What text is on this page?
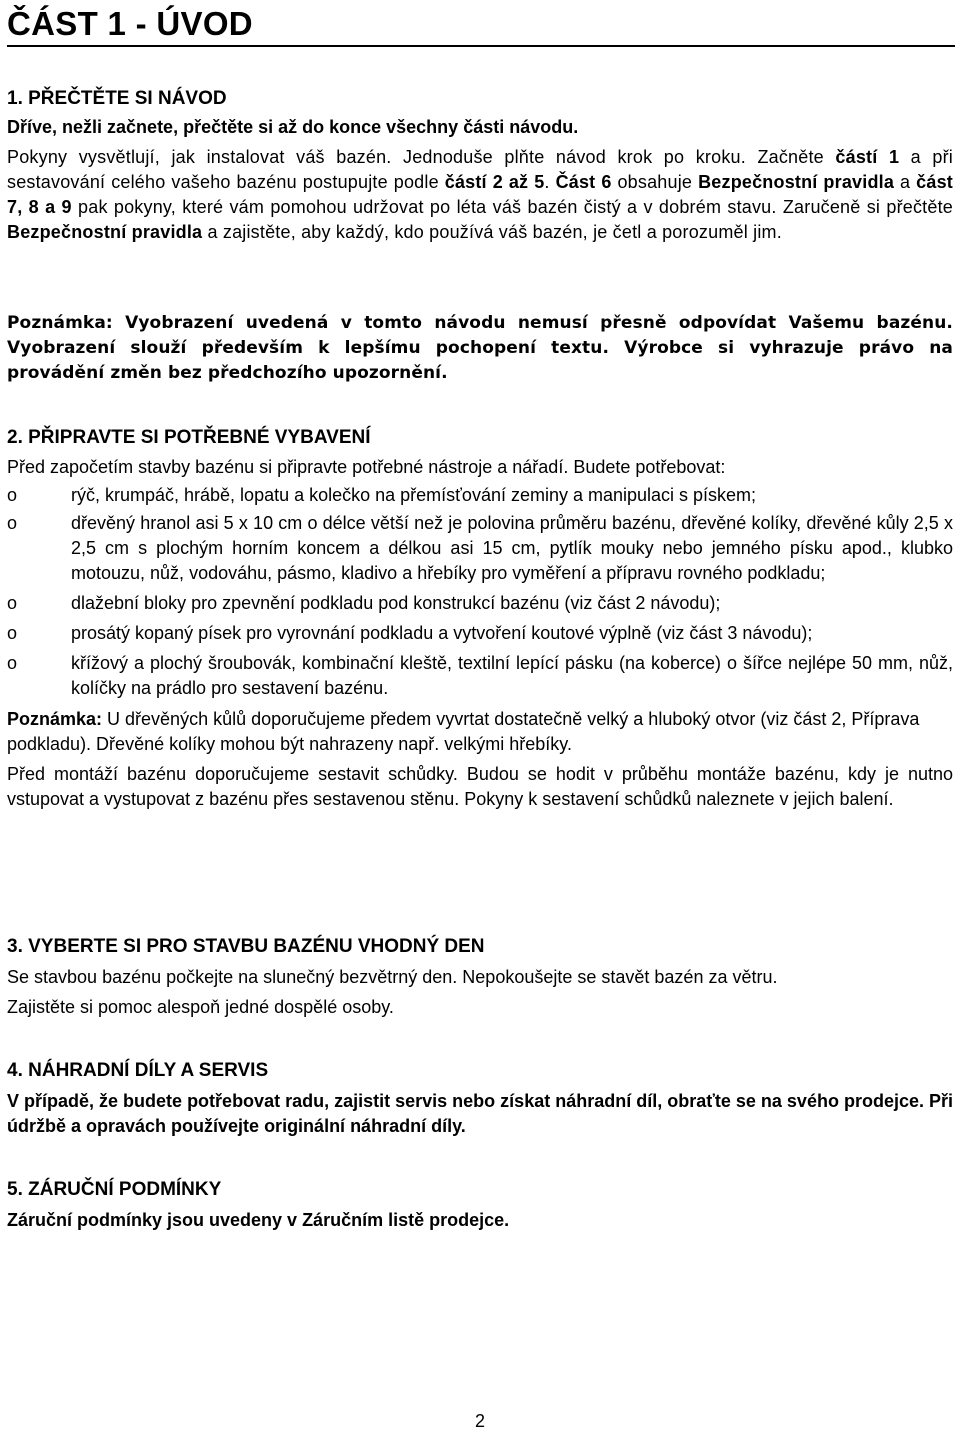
ČÁST 1 - ÚVOD
1. PŘEČTĚTE SI NÁVOD

Dříve, nežli začnete, přečtěte si až do konce všechny části návodu.

Pokyny vysvětlují, jak instalovat váš bazén. Jednoduše plňte návod krok po kroku. Začněte částí 1 a při sestavování celého vašeho bazénu postupujte podle částí 2 až 5. Část 6 obsahuje Bezpečnostní pravidla a část 7, 8 a 9 pak pokyny, které vám pomohou udržovat po léta váš bazén čistý a v dobrém stavu. Zaručeně si přečtěte Bezpečnostní pravidla a zajistěte, aby každý, kdo používá váš bazén, je četl a porozuměl jim.

Poznámka: Vyobrazení uvedená v tomto návodu nemusí přesně odpovídat Vašemu bazénu. Vyobrazení slouží především k lepšímu pochopení textu. Výrobce si vyhrazuje právo na provádění změn bez předchozího upozornění.

2. PŘIPRAVTE SI POTŘEBNÉ VYBAVENÍ

Před započetím stavby bazénu si připravte potřebné nástroje a nářadí. Budete potřebovat:

o	rýč, krumpáč, hrábě, lopatu a kolečko na přemísťování zeminy a manipulaci s pískem;
o	dřevěný hranol asi 5 x 10 cm o délce větší než je polovina průměru bazénu, dřevěné kolíky, dřevěné kůly 2,5 x 2,5 cm s plochým horním koncem a délkou asi 15 cm, pytlík mouky nebo jemného písku apod., klubko motouzu, nůž, vodováhu, pásmo, kladivo a hřebíky pro vyměření a přípravu rovného podkladu;
o	dlažební bloky pro zpevnění podkladu pod konstrukcí bazénu (viz část 2 návodu);
o	prosátý kopaný písek pro vyrovnání podkladu a vytvoření koutové výplně (viz část 3 návodu);
o	křížový a plochý šroubovák, kombinační kleště, textilní lepící pásku (na koberce) o šířce nejlépe 50 mm, nůž, kolíčky na prádlo pro sestavení bazénu.

Poznámka: U dřevěných kůlů doporučujeme předem vyvrtat dostatečně velký a hluboký otvor (viz část 2, Příprava podkladu). Dřevěné kolíky mohou být nahrazeny např. velkými hřebíky.

Před montáží bazénu doporučujeme sestavit schůdky. Budou se hodit v průběhu montáže bazénu, kdy je nutno vstupovat a vystupovat z bazénu přes sestavenou stěnu. Pokyny k sestavení schůdků naleznete v jejich balení.

3. VYBERTE SI PRO STAVBU BAZÉNU VHODNÝ DEN

Se stavbou bazénu počkejte na slunečný bezvětrný den. Nepokoušejte se stavět bazén za větru.

Zajistěte si pomoc alespoň jedné dospělé osoby.

4. NÁHRADNÍ DÍLY A SERVIS

V případě, že budete potřebovat radu, zajistit servis nebo získat náhradní díl, obraťte se na svého prodejce. Při údržbě a opravách používejte originální náhradní díly.

5. ZÁRUČNÍ PODMÍNKY

Záruční podmínky jsou uvedeny v Záručním listě prodejce.

2
